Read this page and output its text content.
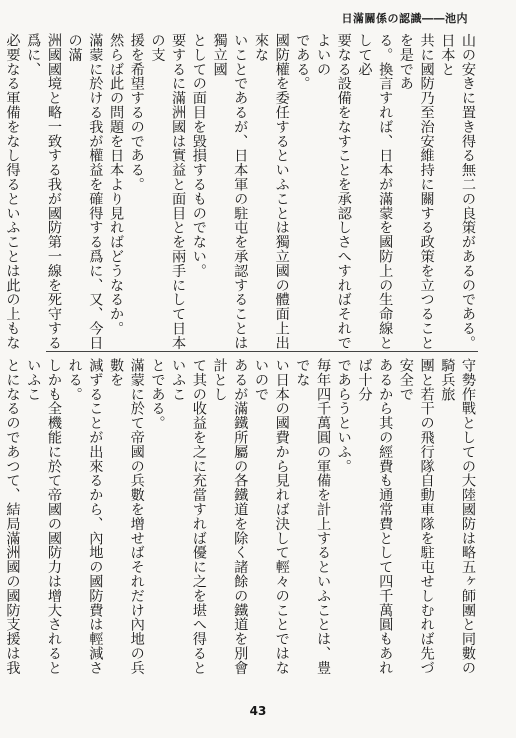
日滿關係の認識――池内

山の安きに置き得る無二の良策があるのである。日本と

共に國防乃至治安維持に關する政策を立つることを是であ

る。換言すれば、日本が滿蒙を國防上の生命線として必

要なる設備をなすことを承認しさへすればそれでよいの

である。

國防權を委任するといふことは獨立國の體面上出來な

いことであるが、日本軍の駐屯を承認することは獨立國

としての面目を毀損するものでない。

要するに滿洲國は實益と面目とを兩手にして日本の支

援を希望するのである。

然らば此の問題を日本より見ればどうなるか。

滿蒙に於ける我が權益を確得する爲に、又、今日の滿

洲國國境と略一致する我が國防第一線を死守する爲に、

必要なる軍備をなし得るといふことは此の上もな

守勢作戰としての大陸國防は略五ヶ師團と同數の騎兵旅

團と若干の飛行隊自動車隊を駐屯せしむれば先づ安全で

あるから其の經費も通常費として四千萬圓もあれば十分

であらうといふ。

毎年四千萬圓の軍備を計上するといふことは、豊でな

い日本の國費から見れば決して輕々のことではないので

あるが滿鐵所屬の各鐵道を除く諸餘の鐵道を別會計とし

て其の收益を之に充當すれば優に之を堪へ得るといふこ

とである。

滿蒙に於て帝國の兵數を增せばそれだけ內地の兵數を

減ずることが出來るから、內地の國防費は輕減される。

しかも全機能に於て帝國の國防力は增大されるといふこ

とになるのであつて、結局滿洲國の國防支援は我

43
